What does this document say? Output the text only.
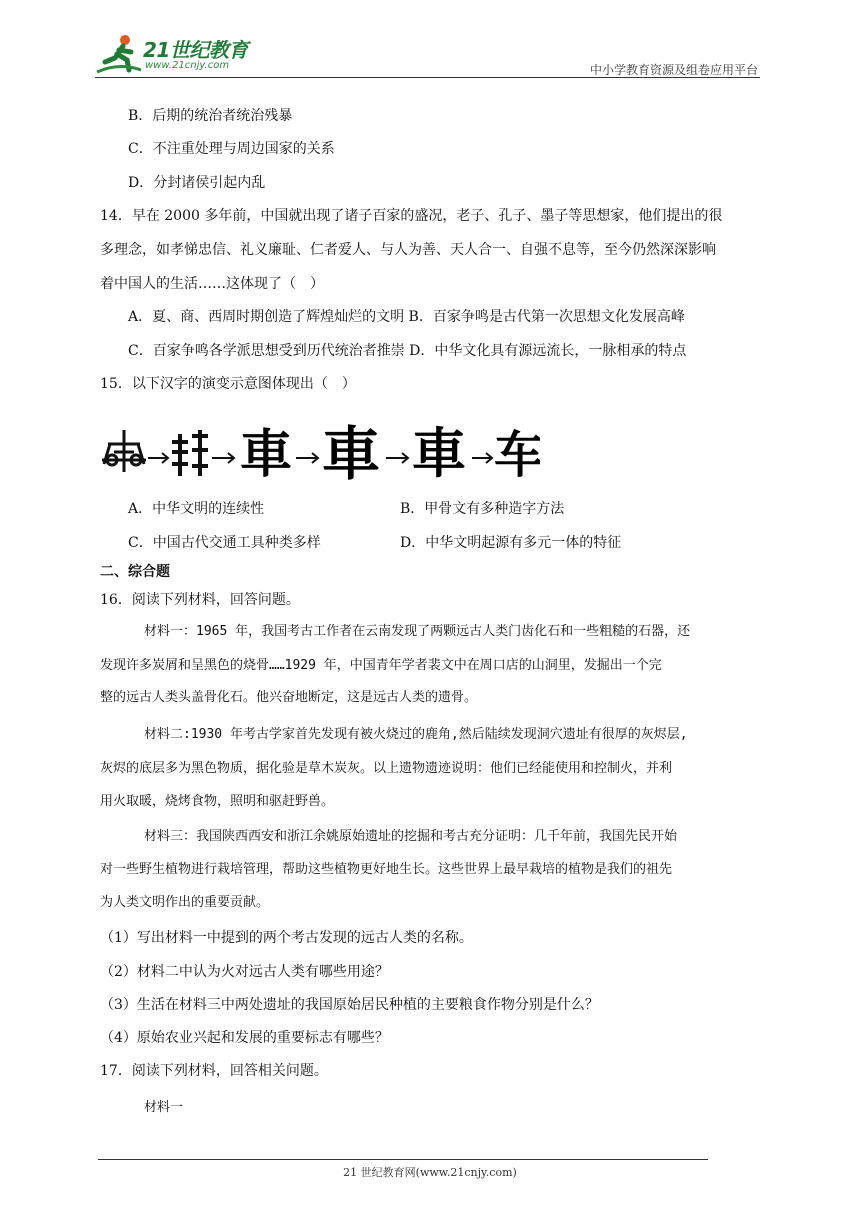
21世纪教育
www.21cnjy.com	中小学教育资源及组卷应用平台
B．后期的统治者统治残暴
C．不注重处理与周边国家的关系
D．分封诸侯引起内乱
14．早在 2000 多年前，中国就出现了诸子百家的盛况，老子、孔子、墨子等思想家，他们提出的很
多理念，如孝悌忠信、礼义廉耻、仁者爱人、与人为善、天人合一、自强不息等，至今仍然深深影响
着中国人的生活……这体现了（　）
A．夏、商、西周时期创造了辉煌灿烂的文明 B．百家争鸣是古代第一次思想文化发展高峰
C．百家争鸣各学派思想受到历代统治者推崇 D．中华文化具有源远流长，一脉相承的特点
15．以下汉字的演变示意图体现出（　）
車 車 車 车
A．中华文明的连续性	B．甲骨文有多种造字方法
C．中国古代交通工具种类多样	D．中华文明起源有多元一体的特征
二、综合题
16．阅读下列材料，回答问题。
材料一：1965 年，我国考古工作者在云南发现了两颗远古人类门齿化石和一些粗糙的石器，还
发现许多炭屑和呈黑色的烧骨……1929 年，中国青年学者裴文中在周口店的山洞里，发掘出一个完
整的远古人类头盖骨化石。他兴奋地断定，这是远古人类的遗骨。
材料二:1930 年考古学家首先发现有被火烧过的鹿角,然后陆续发现洞穴遗址有很厚的灰烬层,
灰烬的底层多为黑色物质，据化验是草木炭灰。以上遗物遗迹说明：他们已经能使用和控制火，并利
用火取暖，烧烤食物，照明和驱赶野兽。
材料三：我国陕西西安和浙江余姚原始遗址的挖掘和考古充分证明：几千年前，我国先民开始
对一些野生植物进行栽培管理，帮助这些植物更好地生长。这些世界上最早栽培的植物是我们的祖先
为人类文明作出的重要贡献。
（1）写出材料一中提到的两个考古发现的远古人类的名称。
（2）材料二中认为火对远古人类有哪些用途？
（3）生活在材料三中两处遗址的我国原始居民种植的主要粮食作物分别是什么？
（4）原始农业兴起和发展的重要标志有哪些？
17．阅读下列材料，回答相关问题。
材料一
21 世纪教育网(www.21cnjy.com)
